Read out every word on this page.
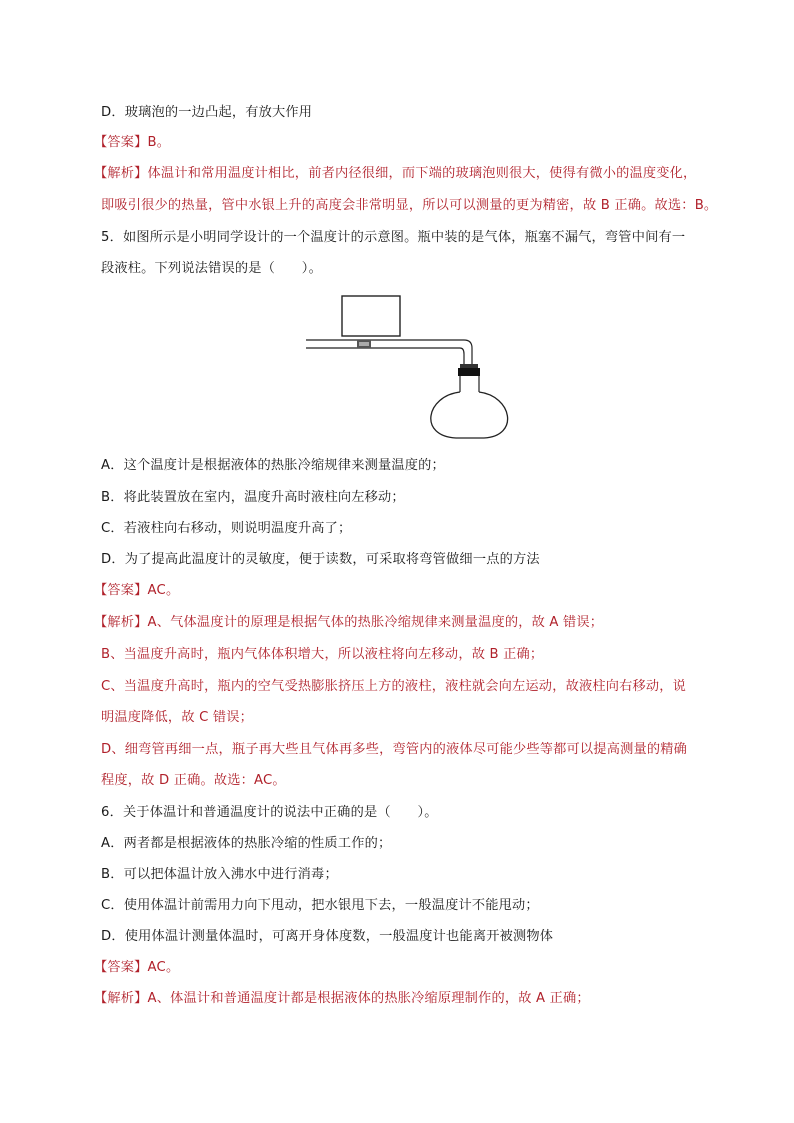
D．玻璃泡的一边凸起，有放大作用
【答案】B。
【解析】体温计和常用温度计相比，前者内径很细，而下端的玻璃泡则很大，使得有微小的温度变化，
即吸引很少的热量，管中水银上升的高度会非常明显，所以可以测量的更为精密，故 B 正确。故选：B。
5．如图所示是小明同学设计的一个温度计的示意图。瓶中装的是气体，瓶塞不漏气，弯管中间有一
段液柱。下列说法错误的是（　　）。
A．这个温度计是根据液体的热胀冷缩规律来测量温度的；
B．将此装置放在室内，温度升高时液柱向左移动；
C．若液柱向右移动，则说明温度升高了；
D．为了提高此温度计的灵敏度，便于读数，可采取将弯管做细一点的方法
【答案】AC。
【解析】A、气体温度计的原理是根据气体的热胀冷缩规律来测量温度的，故 A 错误；
B、当温度升高时，瓶内气体体积增大，所以液柱将向左移动，故 B 正确；
C、当温度升高时，瓶内的空气受热膨胀挤压上方的液柱，液柱就会向左运动，故液柱向右移动，说
明温度降低，故 C 错误；
D、细弯管再细一点，瓶子再大些且气体再多些，弯管内的液体尽可能少些等都可以提高测量的精确
程度，故 D 正确。故选：AC。
6．关于体温计和普通温度计的说法中正确的是（　　）。
A．两者都是根据液体的热胀冷缩的性质工作的；
B．可以把体温计放入沸水中进行消毒；
C．使用体温计前需用力向下甩动，把水银甩下去，一般温度计不能甩动；
D．使用体温计测量体温时，可离开身体度数，一般温度计也能离开被测物体
【答案】AC。
【解析】A、体温计和普通温度计都是根据液体的热胀冷缩原理制作的，故 A 正确；
